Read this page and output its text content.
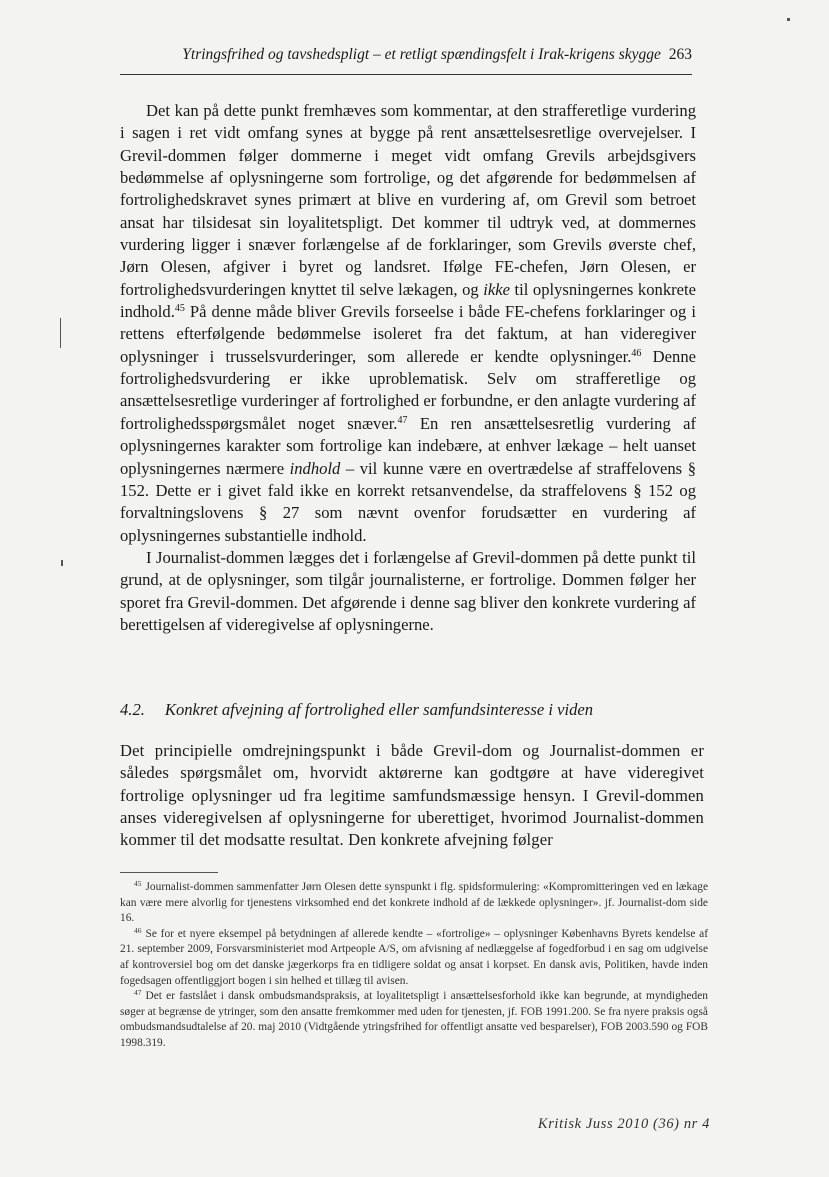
Ytringsfrihed og tavshedspligt – et retligt spændingsfelt i Irak-krigens skygge 263

Det kan på dette punkt fremhæves som kommentar, at den strafferetlige vurdering i sagen i ret vidt omfang synes at bygge på rent ansættelsesretlige overvejelser. I Grevil-dommen følger dommerne i meget vidt omfang Grevils arbejdsgivers bedømmelse af oplysningerne som fortrolige, og det afgørende for bedømmelsen af fortrolighedskravet synes primært at blive en vurdering af, om Grevil som betroet ansat har tilsidesat sin loyalitetspligt. Det kommer til udtryk ved, at dommernes vurdering ligger i snæver forlængelse af de forklaringer, som Grevils øverste chef, Jørn Olesen, afgiver i byret og landsret. Ifølge FE-chefen, Jørn Olesen, er fortrolighedsvurderingen knyttet til selve lækagen, og ikke til oplysningernes konkrete indhold.$^{45}$ På denne måde bliver Grevils forseelse i både FE-chefens forklaringer og i rettens efterfølgende bedømmelse isoleret fra det faktum, at han videregiver oplysninger i trusselsvurderinger, som allerede er kendte oplysninger.$^{46}$ Denne fortrolighedsvurdering er ikke uproblematisk. Selv om strafferetlige og ansættelsesretlige vurderinger af fortrolighed er forbundne, er den anlagte vurdering af fortrolighedsspørgsmålet noget snæver.$^{47}$ En ren ansættelsesretlig vurdering af oplysningernes karakter som fortrolige kan indebære, at enhver lækage – helt uanset oplysningernes nærmere indhold – vil kunne være en overtrædelse af straffelovens § 152. Dette er i givet fald ikke en korrekt retsanvendelse, da straffelovens § 152 og forvaltningslovens § 27 som nævnt ovenfor forudsætter en vurdering af oplysningernes substantielle indhold.

I Journalist-dommen lægges det i forlængelse af Grevil-dommen på dette punkt til grund, at de oplysninger, som tilgår journalisterne, er fortrolige. Dommen følger her sporet fra Grevil-dommen. Det afgørende i denne sag bliver den konkrete vurdering af berettigelsen af videregivelse af oplysningerne.

4.2. Konkret afvejning af fortrolighed eller samfundsinteresse i viden

Det principielle omdrejningspunkt i både Grevil-dom og Journalist-dommen er således spørgsmålet om, hvorvidt aktørerne kan godtgøre at have videregivet fortrolige oplysninger ud fra legitime samfundsmæssige hensyn. I Grevil-dommen anses videregivelsen af oplysningerne for uberettiget, hvorimod Journalist-dommen kommer til det modsatte resultat. Den konkrete afvejning følger

$^{45}$ Journalist-dommen sammenfatter Jørn Olesen dette synspunkt i flg. spidsformulering: «Kompromitteringen ved en lækage kan være mere alvorlig for tjenestens virksomhed end det konkrete indhold af de lækkede oplysninger». jf. Journalist-dom side 16.

$^{46}$ Se for et nyere eksempel på betydningen af allerede kendte – «fortrolige» – oplysninger Københavns Byrets kendelse af 21. september 2009, Forsvarsministeriet mod Artpeople A/S, om afvisning af nedlæggelse af fogedforbud i en sag om udgivelse af kontroversiel bog om det danske jægerkorps fra en tidligere soldat og ansat i korpset. En dansk avis, Politiken, havde inden fogedsagen offentliggjort bogen i sin helhed et tillæg til avisen.

$^{47}$ Det er fastslået i dansk ombudsmandspraksis, at loyalitetspligt i ansættelsesforhold ikke kan begrunde, at myndigheden søger at begrænse de ytringer, som den ansatte fremkommer med uden for tjenesten, jf. FOB 1991.200. Se fra nyere praksis også ombudsmandsudtalelse af 20. maj 2010 (Vidtgående ytringsfrihed for offentligt ansatte ved besparelser), FOB 2003.590 og FOB 1998.319.

Kritisk Juss 2010 (36) nr 4
